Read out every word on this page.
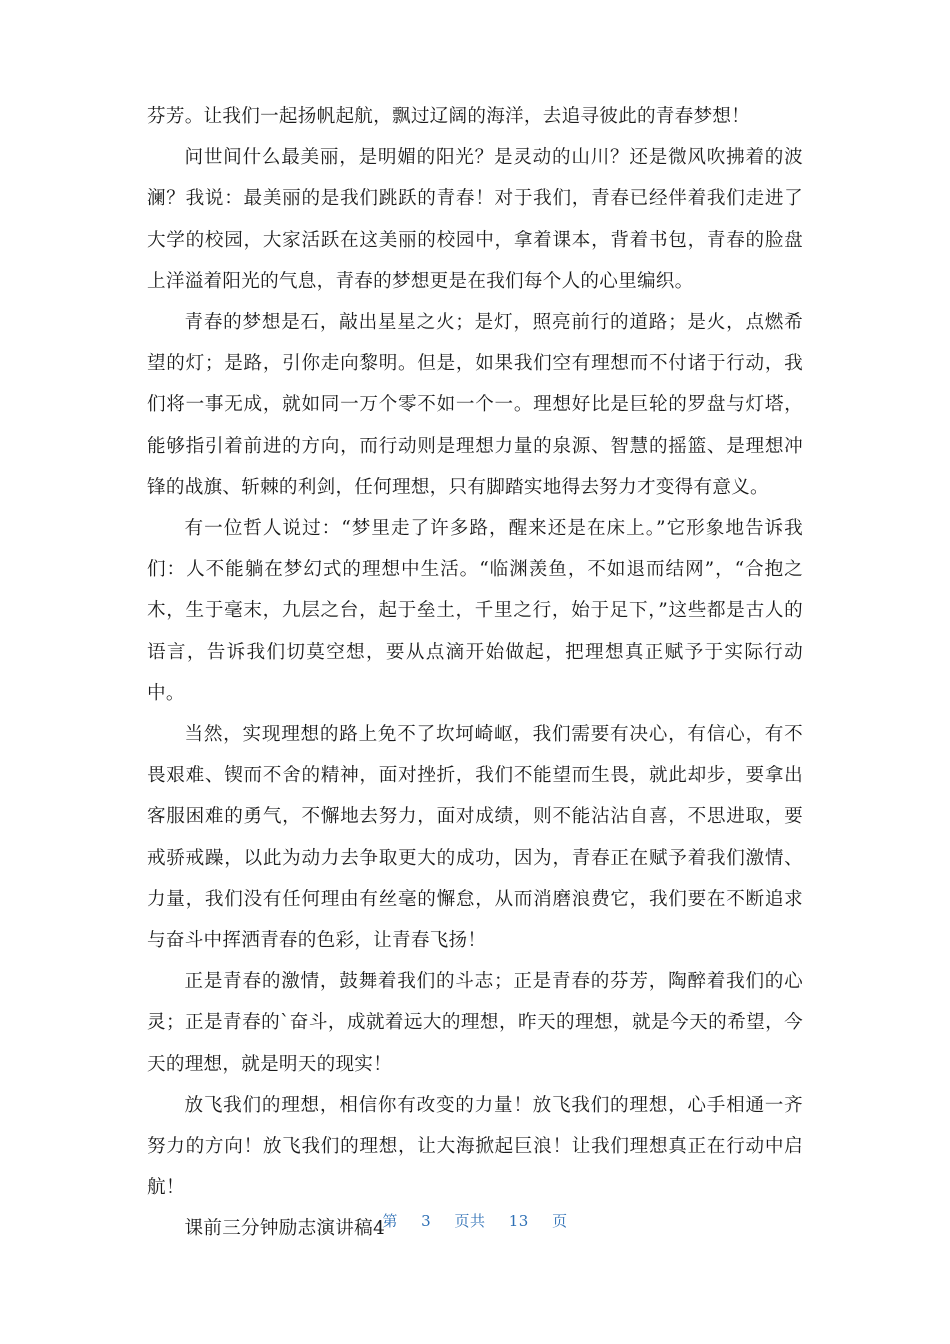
芬芳。让我们一起扬帆起航，飘过辽阔的海洋，去追寻彼此的青春梦想！

问世间什么最美丽，是明媚的阳光？是灵动的山川？还是微风吹拂着的波澜？我说：最美丽的是我们跳跃的青春！对于我们，青春已经伴着我们走进了大学的校园，大家活跃在这美丽的校园中，拿着课本，背着书包，青春的脸盘上洋溢着阳光的气息，青春的梦想更是在我们每个人的心里编织。

青春的梦想是石，敲出星星之火；是灯，照亮前行的道路；是火，点燃希望的灯；是路，引你走向黎明。但是，如果我们空有理想而不付诸于行动，我们将一事无成，就如同一万个零不如一个一。理想好比是巨轮的罗盘与灯塔，能够指引着前进的方向，而行动则是理想力量的泉源、智慧的摇篮、是理想冲锋的战旗、斩棘的利剑，任何理想，只有脚踏实地得去努力才变得有意义。

有一位哲人说过：“梦里走了许多路，醒来还是在床上。”它形象地告诉我们：人不能躺在梦幻式的理想中生活。“临渊羡鱼，不如退而结网”，“合抱之木，生于毫末，九层之台，起于垒土，千里之行，始于足下，”这些都是古人的语言，告诉我们切莫空想，要从点滴开始做起，把理想真正赋予于实际行动中。

当然，实现理想的路上免不了坎坷崎岖，我们需要有决心，有信心，有不畏艰难、锲而不舍的精神，面对挫折，我们不能望而生畏，就此却步，要拿出客服困难的勇气，不懈地去努力，面对成绩，则不能沾沾自喜，不思进取，要戒骄戒躁，以此为动力去争取更大的成功，因为，青春正在赋予着我们激情、力量，我们没有任何理由有丝毫的懈怠，从而消磨浪费它，我们要在不断追求与奋斗中挥洒青春的色彩，让青春飞扬！

正是青春的激情，鼓舞着我们的斗志；正是青春的芬芳，陶醉着我们的心灵；正是青春的`奋斗，成就着远大的理想，昨天的理想，就是今天的希望，今天的理想，就是明天的现实！

放飞我们的理想，相信你有改变的力量！放飞我们的理想，心手相通一齐努力的方向！放飞我们的理想，让大海掀起巨浪！让我们理想真正在行动中启航！

课前三分钟励志演讲稿4

第 3 页共 13 页
